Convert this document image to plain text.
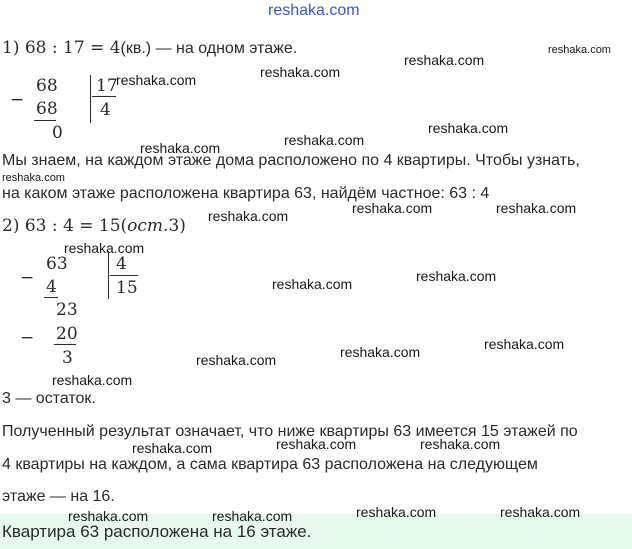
reshaka.com
1) 68 : 17 = 4(кв.) — на одном этаже.
−
68
68
0
17
4
Мы знаем, на каждом этаже дома расположено по 4 квартиры. Чтобы узнать,
на каком этаже расположена квартира 63, найдём частное: 63 : 4
2) 63 : 4 = 15(ост.3)
−
63
4
4
15
23
− 20
3
3 — остаток.
Полученный результат означает, что ниже квартиры 63 имеется 15 этажей по
4 квартиры на каждом, а сама квартира 63 расположена на следующем
этаже — на 16.
Квартира 63 расположена на 16 этаже.
reshaka.com
reshaka.com
reshaka.com
reshaka.com
reshaka.com
reshaka.com
reshaka.com
reshaka.com
reshaka.com	reshaka.com
reshaka.com
reshaka.com
reshaka.com
reshaka.com
reshaka.com
reshaka.com
reshaka.com
reshaka.com
reshaka.com
reshaka.com
reshaka.com
reshaka.com	reshaka.com	reshaka.com	reshaka.com
